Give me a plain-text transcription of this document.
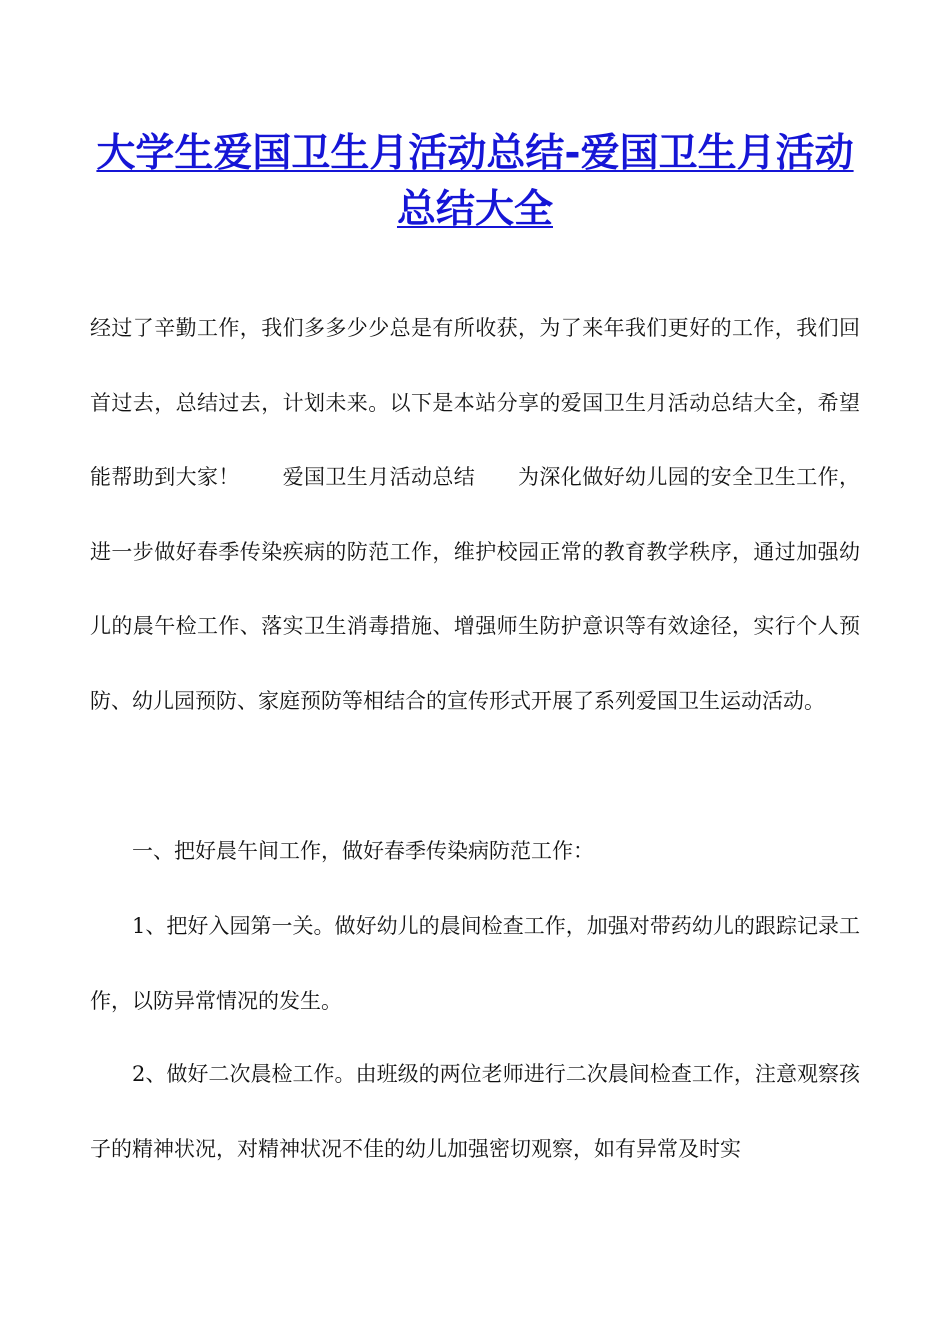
大学生爱国卫生月活动总结-爱国卫生月活动总结大全

经过了辛勤工作，我们多多少少总是有所收获，为了来年我们更好的工作，我们回首过去，总结过去，计划未来。以下是本站分享的爱国卫生月活动总结大全，希望能帮助到大家！　　爱国卫生月活动总结　　为深化做好幼儿园的安全卫生工作，进一步做好春季传染疾病的防范工作，维护校园正常的教育教学秩序，通过加强幼儿的晨午检工作、落实卫生消毒措施、增强师生防护意识等有效途径，实行个人预防、幼儿园预防、家庭预防等相结合的宣传形式开展了系列爱国卫生运动活动。

一、把好晨午间工作，做好春季传染病防范工作：

1、把好入园第一关。做好幼儿的晨间检查工作，加强对带药幼儿的跟踪记录工作，以防异常情况的发生。

2、做好二次晨检工作。由班级的两位老师进行二次晨间检查工作，注意观察孩子的精神状况，对精神状况不佳的幼儿加强密切观察，如有异常及时实
